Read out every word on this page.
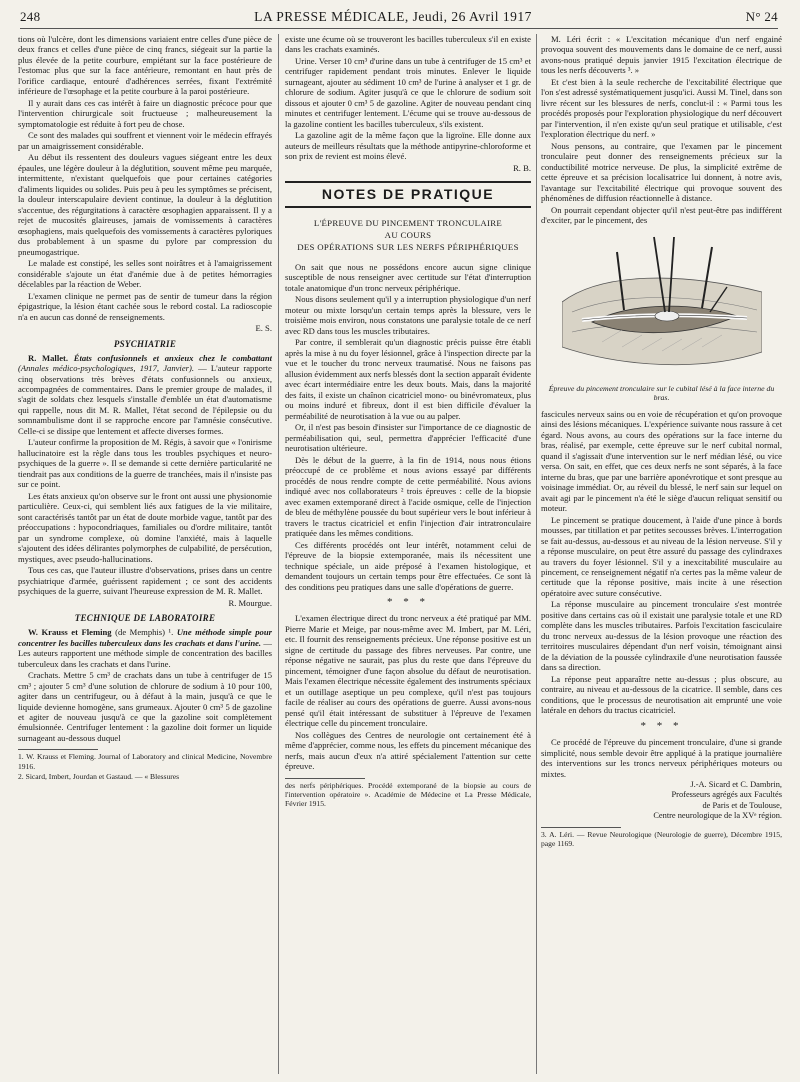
248	LA PRESSE MÉDICALE, Jeudi, 26 Avril 1917	N° 24

tions où l'ulcère, dont les dimensions variaient entre celles d'une pièce de deux francs et celles d'une pièce de cinq francs, siégeait sur la partie la plus élevée de la petite courbure, empiétant sur la face postérieure de l'estomac plus que sur la face antérieure, remontant en haut près de l'orifice cardiaque, entouré d'adhérences serrées, fixant l'extrémité inférieure de l'œsophage et la petite courbure à la paroi postérieure.

Il y aurait dans ces cas intérêt à faire un diagnostic précoce pour que l'intervention chirurgicale soit fructueuse ; malheureusement la symptomatologie est réduite à fort peu de chose.

Ce sont des malades qui souffrent et viennent voir le médecin effrayés par un amaigrissement considérable.

Au début ils ressentent des douleurs vagues siégeant entre les deux épaules, une légère douleur à la déglutition, souvent même peu marquée, intermittente, n'existant quelquefois que pour certaines catégories d'aliments liquides ou solides. Puis peu à peu les symptômes se précisent, la douleur interscapulaire devient continue, la douleur à la déglutition s'accentue, des régurgitations à caractère œsophagien apparaissent. Il y a rejet de mucosités glaireuses, jamais de vomissements à caractères œsophagiens, mais quelquefois des vomissements à caractères pyloriques dus probablement à un spasme du pylore par compression du pneumogastrique.

Le malade est constipé, les selles sont noirâtres et à l'amaigrissement considérable s'ajoute un état d'anémie due à de petites hémorragies décelables par la réaction de Weber.

L'examen clinique ne permet pas de sentir de tumeur dans la région épigastrique, la lésion étant cachée sous le rebord costal. La radioscopie n'a en aucun cas donné de renseignements.

E. S.
PSYCHIATRIE

R. Mallet. États confusionnels et anxieux chez le combattant (Annales médico-psychologiques, 1917, Janvier). — L'auteur rapporte cinq observations très brèves d'états confusionnels ou anxieux, accompagnées de commentaires. Dans le premier groupe de malades, il s'agit de soldats chez lesquels s'installe d'emblée un état d'automatisme qui rappelle, nous dit M. R. Mallet, l'état second de l'épilepsie ou du somnambulisme dont il se rapproche encore par l'amnésie consécutive. Celle-ci se dissipe que lentement et affecte diverses formes.

L'auteur confirme la proposition de M. Régis, à savoir que « l'onirisme hallucinatoire est la règle dans tous les troubles psychiques et neuro-psychiques de la guerre ». Il se demande si cette dernière particularité ne tiendrait pas aux conditions de la guerre de tranchées, mais il n'insiste pas sur ce point.

Les états anxieux qu'on observe sur le front ont aussi une physionomie particulière. Ceux-ci, qui semblent liés aux fatigues de la vie militaire, sont caractérisés tantôt par un état de doute morbide vague, tantôt par des préoccupations : hypocondriaques, familiales ou d'ordre militaire, tantôt par un syndrome complexe, où domine l'anxiété, mais à laquelle s'ajoutent des idées délirantes polymorphes de culpabilité, de persécution, mystiques, avec pseudo-hallucinations.

Tous ces cas, que l'auteur illustre d'observations, prises dans un centre psychiatrique d'armée, guérissent rapidement ; ce sont des accidents psychiques de la guerre, suivant l'heureuse expression de M. R. Mallet.

R. Mourgue.
TECHNIQUE DE LABORATOIRE

W. Krauss et Fleming (de Memphis) ¹. Une méthode simple pour concentrer les bacilles tuberculeux dans les crachats et dans l'urine. — Les auteurs rapportent une méthode simple de concentration des bacilles tuberculeux dans les crachats et dans l'urine.

Crachats. Mettre 5 cm³ de crachats dans un tube à centrifuger de 15 cm³ ; ajouter 5 cm³ d'une solution de chlorure de sodium à 10 pour 100, agiter dans un centrifugeur, ou à défaut à la main, jusqu'à ce que le liquide devienne homogène, sans grumeaux. Ajouter 0 cm³ 5 de gazoline et agiter de nouveau jusqu'à ce que la gazoline soit complètement émulsionnée. Centrifuger lentement : la gazoline doit former un liquide surnageant au-dessous duquel

1. W. Krauss et Fleming. Journal of Laboratory and clinical Medicine, Novembre 1916.

2. Sicard, Imbert, Jourdan et Gastaud. — « Blessures

existe une écume où se trouveront les bacilles tuberculeux s'il en existe dans les crachats examinés.

Urine. Verser 10 cm³ d'urine dans un tube à centrifuger de 15 cm³ et centrifuger rapidement pendant trois minutes. Enlever le liquide surnageant, ajouter au sédiment 10 cm³ de l'urine à analyser et 1 gr. de chlorure de sodium. Agiter jusqu'à ce que le chlorure de sodium soit dissous et ajouter 0 cm³ 5 de gazoline. Agiter de nouveau pendant cinq minutes et centrifuger lentement. L'écume qui se trouve au-dessous de la gazoline contient les bacilles tuberculeux, s'ils existent.

La gazoline agit de la même façon que la ligroïne. Elle donne aux auteurs de meilleurs résultats que la méthode antipyrine-chloroforme et son prix de revient est moins élevé.

R. B.
NOTES DE PRATIQUE
L'ÉPREUVE DU PINCEMENT TRONCULAIRE
AU COURS
DES OPÉRATIONS SUR LES NERFS PÉRIPHÉRIQUES

On sait que nous ne possédons encore aucun signe clinique susceptible de nous renseigner avec certitude sur l'état d'interruption totale anatomique d'un tronc nerveux périphérique.

Nous disons seulement qu'il y a interruption physiologique d'un nerf moteur ou mixte lorsqu'un certain temps après la blessure, vers le troisième mois environ, nous constatons une paralysie totale de ce nerf avec RD dans tous les muscles tributaires.

Par contre, il semblerait qu'un diagnostic précis puisse être établi après la mise à nu du foyer lésionnel, grâce à l'inspection directe par la vue et le toucher du tronc nerveux traumatisé. Nous ne faisons pas allusion évidemment aux nerfs blessés dont la section apparaît évidente avec écart intermédiaire entre les deux bouts. Mais, dans la majorité des faits, il existe un chaînon cicatriciel mono- ou binévromateux, plus ou moins induré et fibreux, dont il est bien difficile d'évaluer la perméabilité de neurotisation à la vue ou au palper.

Or, il n'est pas besoin d'insister sur l'importance de ce diagnostic de perméabilisation qui, seul, permettra d'apprécier l'efficacité d'une neurotisation ultérieure.

Dès le début de la guerre, à la fin de 1914, nous nous étions préoccupé de ce problème et nous avions essayé par différents procédés de nous rendre compte de cette perméabilité. Nous avions indiqué avec nos collaborateurs ² trois épreuves : celle de la biopsie avec examen extemporané direct à l'acide osmique, celle de l'injection de bleu de méthylène poussée du bout supérieur vers le bout inférieur à travers le tractus cicatriciel et enfin l'injection d'air intratronculaire pratiquée dans les mêmes conditions.

Ces différents procédés ont leur intérêt, notamment celui de l'épreuve de la biopsie extemporanée, mais ils nécessitent une technique spéciale, un aide préposé à l'examen histologique, et demandent toujours un certain temps pour être effectuées. Ce sont là des conditions peu pratiques dans une salle d'opérations de guerre.

* * *

L'examen électrique direct du tronc nerveux a été pratiqué par MM. Pierre Marie et Meige, par nous-même avec M. Imbert, par M. Léri, etc. Il fournit des renseignements précieux. Une réponse positive est un signe de certitude du passage des fibres nerveuses. Par contre, une réponse négative ne saurait, pas plus du reste que dans l'épreuve du pincement, témoigner d'une façon absolue du défaut de neurotisation. Mais l'examen électrique nécessite également des instruments spéciaux et un outillage aseptique un peu complexe, qu'il n'est pas toujours facile de réaliser au cours des opérations de guerre. Aussi avons-nous pensé qu'il était intéressant de substituer à l'épreuve de l'examen électrique celle du pincement tronculaire.

Nos collègues des Centres de neurologie ont certainement été à même d'apprécier, comme nous, les effets du pincement mécanique des nerfs, mais aucun d'eux n'a attiré spécialement l'attention sur cette épreuve.

des nerfs périphériques. Procédé extemporané de la biopsie au cours de l'intervention opératoire ». Académie de Médecine et La Presse Médicale, Février 1915.

M. Léri écrit : « L'excitation mécanique d'un nerf engainé provoqua souvent des mouvements dans le domaine de ce nerf, aussi avons-nous pratiqué depuis janvier 1915 l'excitation électrique de tous les nerfs découverts ³. »

Et c'est bien à la seule recherche de l'excitabilité électrique que l'on s'est adressé systématiquement jusqu'ici. Aussi M. Tinel, dans son livre récent sur les blessures de nerfs, conclut-il : « Parmi tous les procédés proposés pour l'exploration physiologique du nerf découvert par l'intervention, il n'en existe qu'un seul pratique et utilisable, c'est l'exploration électrique du nerf. »

Nous pensons, au contraire, que l'examen par le pincement tronculaire peut donner des renseignements précieux sur la conductibilité motrice nerveuse. De plus, la simplicité extrême de cette épreuve et sa précision localisatrice lui donnent, à notre avis, l'avantage sur l'excitabilité électrique qui provoque souvent des phénomènes de diffusion réactionnelle à distance.

On pourrait cependant objecter qu'il n'est peut-être pas indifférent d'exciter, par le pincement, des

Épreuve du pincement tronculaire sur le cubital lésé à la face interne du bras.

fascicules nerveux sains ou en voie de récupération et qu'on provoque ainsi des lésions mécaniques. L'expérience suivante nous rassure à cet égard. Nous avons, au cours des opérations sur la face interne du bras, réalisé, par exemple, cette épreuve sur le nerf cubital normal, quand il s'agissait d'une intervention sur le nerf médian lésé, ou vice versa. On sait, en effet, que ces deux nerfs ne sont séparés, à la face interne du bras, que par une barrière aponévrotique et sont presque au voisinage immédiat. Or, au réveil du blessé, le nerf sain sur lequel on avait agi par le pincement n'a été le siège d'aucun reliquat sensitif ou moteur.

Le pincement se pratique doucement, à l'aide d'une pince à bords mousses, par titillation et par petites secousses brèves. L'interrogation se fait au-dessus, au-dessous et au niveau de la lésion nerveuse. S'il y a réponse musculaire, on peut être assuré du passage des cylindraxes au travers du foyer lésionnel. S'il y a inexcitabilité musculaire au pincement, ce renseignement négatif n'a certes pas la même valeur de certitude que la réponse positive, mais incite à une résection opératoire avec suture consécutive.

La réponse musculaire au pincement tronculaire s'est montrée positive dans certains cas où il existait une paralysie totale et une RD complète dans les muscles tributaires. Parfois l'excitation fasciculaire du tronc nerveux au-dessus de la lésion provoque une réaction des territoires musculaires dépendant d'un nerf voisin, témoignant ainsi de la déviation de la poussée cylindraxile d'une neurotisation faussée dans sa direction.

La réponse peut apparaître nette au-dessus ; plus obscure, au contraire, au niveau et au-dessous de la cicatrice. Il semble, dans ces conditions, que le processus de neurotisation ait emprunté une voie latérale en dehors du tractus cicatriciel.

* * *

Ce procédé de l'épreuve du pincement tronculaire, d'une si grande simplicité, nous semble devoir être appliqué à la pratique journalière des interventions sur les troncs nerveux périphériques moteurs ou mixtes.

J.-A. Sicard et C. Dambrin,
Professeurs agrégés aux Facultés
de Paris et de Toulouse,
Centre neurologique de la XVᵉ région.

3. A. Léri. — Revue Neurologique (Neurologie de guerre), Décembre 1915, page 1169.
